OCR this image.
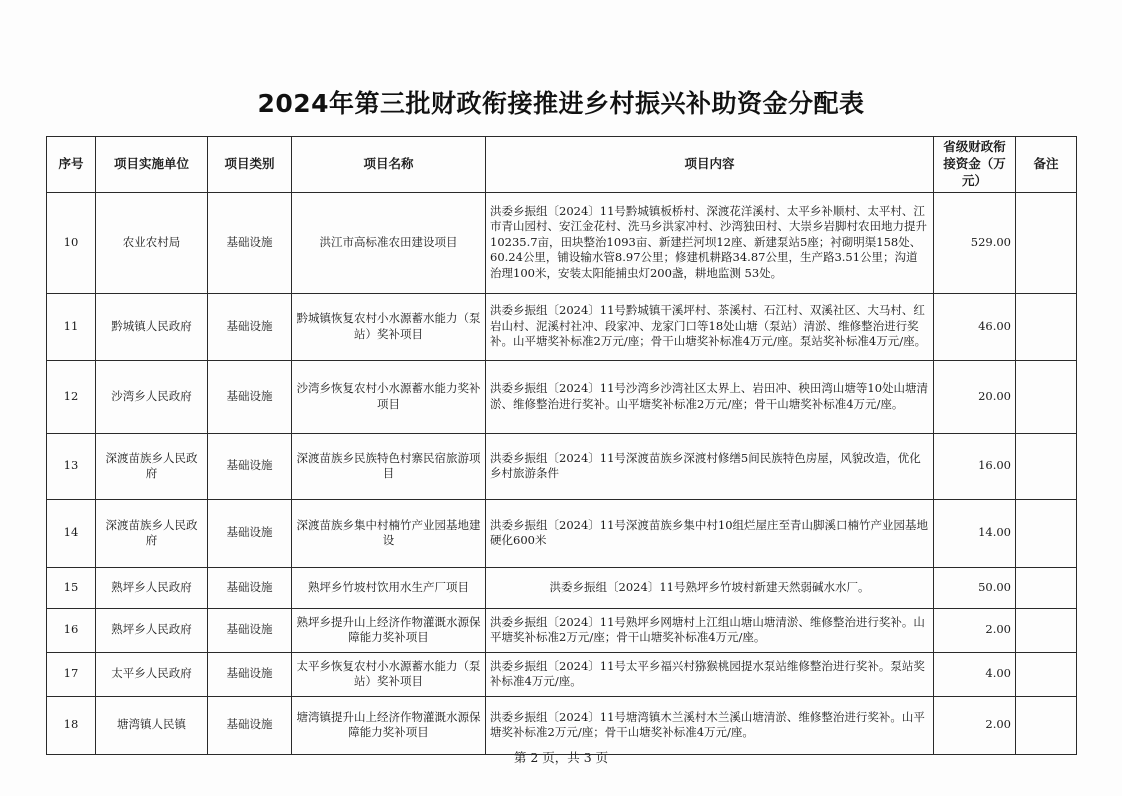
2024年第三批财政衔接推进乡村振兴补助资金分配表
序号	项目实施单位	项目类别	项目名称	项目内容	省级财政衔接资金（万元）	备注
10	农业农村局	基础设施	洪江市高标准农田建设项目	洪委乡振组〔2024〕11号黔城镇板桥村、深渡花洋溪村、太平乡补顺村、太平村、江市青山园村、安江金花村、洗马乡洪家冲村、沙湾独田村、大崇乡岩脚村农田地力提升10235.7亩，田块整治1093亩、新建拦河坝12座、新建泵站5座；衬砌明渠158处、60.24公里，铺设输水管8.97公里；修建机耕路34.87公里，生产路3.51公里；沟道治理100米，安装太阳能捕虫灯200盏，耕地监测 53处。	529.00	
11	黔城镇人民政府	基础设施	黔城镇恢复农村小水源蓄水能力（泵站）奖补项目	洪委乡振组〔2024〕11号黔城镇干溪坪村、茶溪村、石江村、双溪社区、大马村、红岩山村、泥溪村社冲、段家冲、龙家门口等18处山塘（泵站）清淤、维修整治进行奖补。山平塘奖补标准2万元/座；骨干山塘奖补标准4万元/座。泵站奖补标准4万元/座。	46.00	
12	沙湾乡人民政府	基础设施	沙湾乡恢复农村小水源蓄水能力奖补项目	洪委乡振组〔2024〕11号沙湾乡沙湾社区太界上、岩田冲、秧田湾山塘等10处山塘清淤、维修整治进行奖补。山平塘奖补标准2万元/座；骨干山塘奖补标准4万元/座。	20.00	
13	深渡苗族乡人民政府	基础设施	深渡苗族乡民族特色村寨民宿旅游项目	洪委乡振组〔2024〕11号深渡苗族乡深渡村修缮5间民族特色房屋，风貌改造，优化乡村旅游条件	16.00	
14	深渡苗族乡人民政府	基础设施	深渡苗族乡集中村楠竹产业园基地建设	洪委乡振组〔2024〕11号深渡苗族乡集中村10组烂屋庄至青山脚溪口楠竹产业园基地硬化600米	14.00	
15	熟坪乡人民政府	基础设施	熟坪乡竹坡村饮用水生产厂项目	洪委乡振组〔2024〕11号熟坪乡竹坡村新建天然弱碱水水厂。	50.00	
16	熟坪乡人民政府	基础设施	熟坪乡提升山上经济作物灌溉水源保障能力奖补项目	洪委乡振组〔2024〕11号熟坪乡网塘村上江组山塘山塘清淤、维修整治进行奖补。山平塘奖补标准2万元/座；骨干山塘奖补标准4万元/座。	2.00	
17	太平乡人民政府	基础设施	太平乡恢复农村小水源蓄水能力（泵站）奖补项目	洪委乡振组〔2024〕11号太平乡福兴村猕猴桃园提水泵站维修整治进行奖补。泵站奖补标准4万元/座。	4.00	
18	塘湾镇人民镇	基础设施	塘湾镇提升山上经济作物灌溉水源保障能力奖补项目	洪委乡振组〔2024〕11号塘湾镇木兰溪村木兰溪山塘清淤、维修整治进行奖补。山平塘奖补标准2万元/座；骨干山塘奖补标准4万元/座。	2.00	
第 2 页，共 3 页
